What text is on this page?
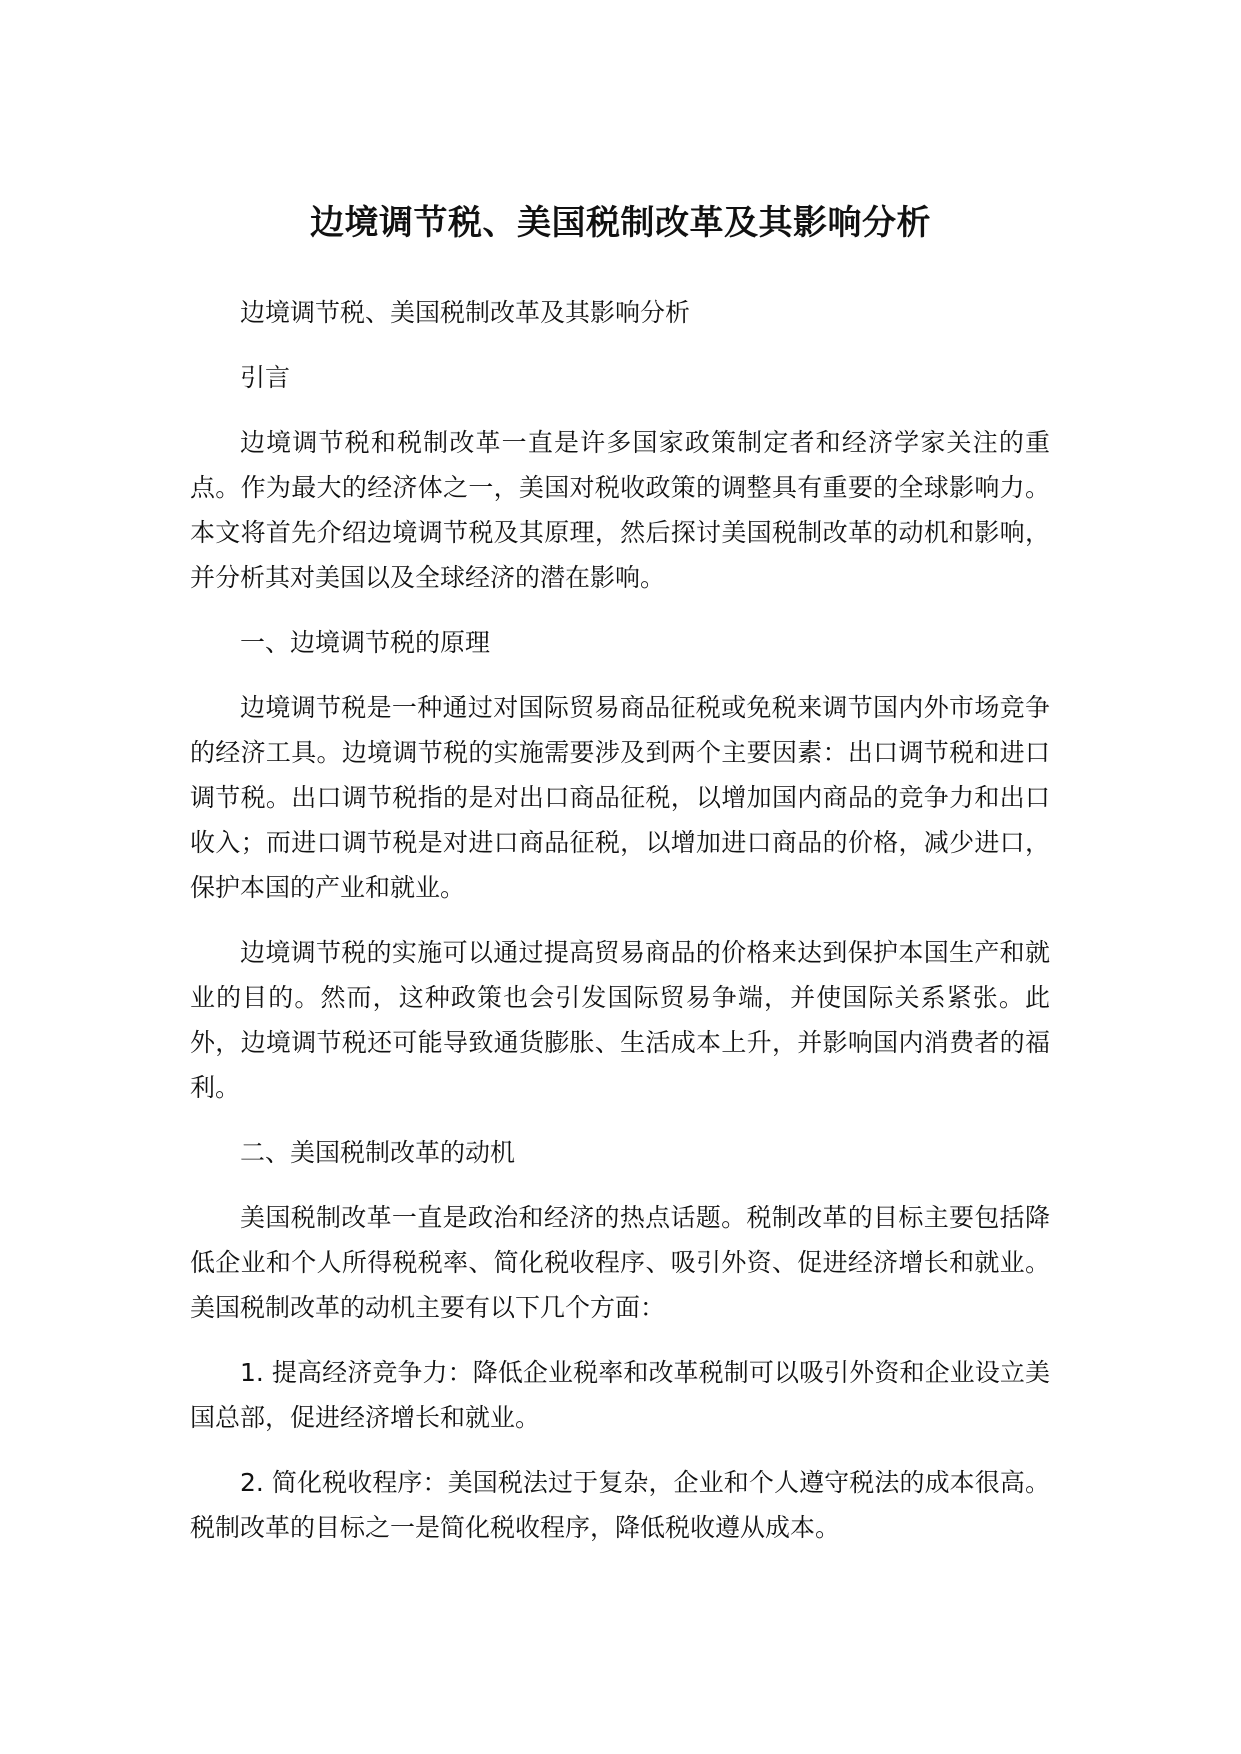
边境调节税、美国税制改革及其影响分析

边境调节税、美国税制改革及其影响分析

引言

边境调节税和税制改革一直是许多国家政策制定者和经济学家关注的重点。作为最大的经济体之一，美国对税收政策的调整具有重要的全球影响力。本文将首先介绍边境调节税及其原理，然后探讨美国税制改革的动机和影响，并分析其对美国以及全球经济的潜在影响。

一、边境调节税的原理

边境调节税是一种通过对国际贸易商品征税或免税来调节国内外市场竞争的经济工具。边境调节税的实施需要涉及到两个主要因素：出口调节税和进口调节税。出口调节税指的是对出口商品征税，以增加国内商品的竞争力和出口收入；而进口调节税是对进口商品征税，以增加进口商品的价格，减少进口，保护本国的产业和就业。

边境调节税的实施可以通过提高贸易商品的价格来达到保护本国生产和就业的目的。然而，这种政策也会引发国际贸易争端，并使国际关系紧张。此外，边境调节税还可能导致通货膨胀、生活成本上升，并影响国内消费者的福利。

二、美国税制改革的动机

美国税制改革一直是政治和经济的热点话题。税制改革的目标主要包括降低企业和个人所得税税率、简化税收程序、吸引外资、促进经济增长和就业。美国税制改革的动机主要有以下几个方面：

1. 提高经济竞争力：降低企业税率和改革税制可以吸引外资和企业设立美国总部，促进经济增长和就业。

2. 简化税收程序：美国税法过于复杂，企业和个人遵守税法的成本很高。税制改革的目标之一是简化税收程序，降低税收遵从成本。
